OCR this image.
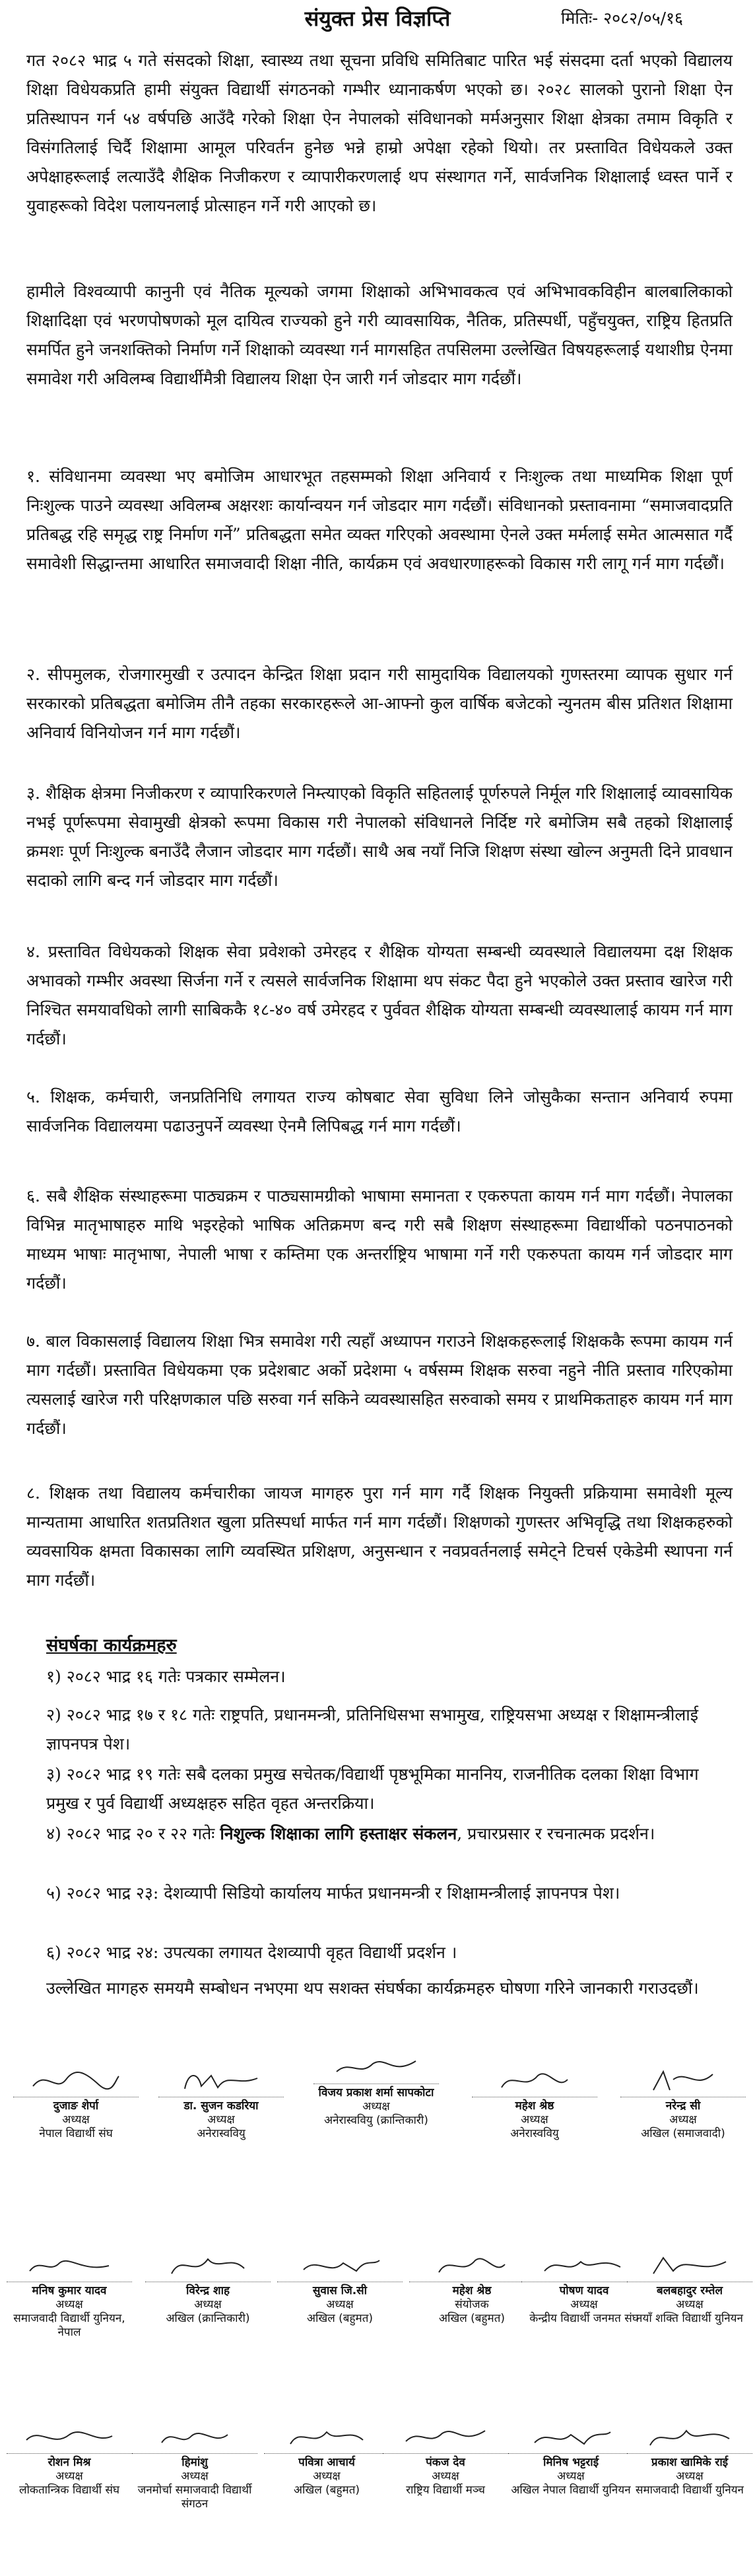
संयुक्त प्रेस विज्ञप्ति	मितिः- २०८२/०५/१६

गत २०८२ भाद्र ५ गते संसदको शिक्षा, स्वास्थ्य तथा सूचना प्रविधि समितिबाट पारित भई संसदमा दर्ता भएको विद्यालय शिक्षा विधेयकप्रति हामी संयुक्त विद्यार्थी संगठनको गम्भीर ध्यानाकर्षण भएको छ। २०२८ सालको पुरानो शिक्षा ऐन प्रतिस्थापन गर्न ५४ वर्षपछि आउँदै गरेको शिक्षा ऐन नेपालको संविधानको मर्मअनुसार शिक्षा क्षेत्रका तमाम विकृति र विसंगतिलाई चिर्दै शिक्षामा आमूल परिवर्तन हुनेछ भन्ने हाम्रो अपेक्षा रहेको थियो। तर प्रस्तावित विधेयकले उक्त अपेक्षाहरूलाई लत्याउँदै शैक्षिक निजीकरण र व्यापारीकरणलाई थप संस्थागत गर्ने, सार्वजनिक शिक्षालाई ध्वस्त पार्ने र युवाहरूको विदेश पलायनलाई प्रोत्साहन गर्ने गरी आएको छ।

हामीले विश्वव्यापी कानुनी एवं नैतिक मूल्यको जगमा शिक्षाको अभिभावकत्व एवं अभिभावकविहीन बालबालिकाको शिक्षादिक्षा एवं भरणपोषणको मूल दायित्व राज्यको हुने गरी व्यावसायिक, नैतिक, प्रतिस्पर्धी, पहुँचयुक्त, राष्ट्रिय हितप्रति समर्पित हुने जनशक्तिको निर्माण गर्ने शिक्षाको व्यवस्था गर्न मागसहित तपसिलमा उल्लेखित विषयहरूलाई यथाशीघ्र ऐनमा समावेश गरी अविलम्ब विद्यार्थीमैत्री विद्यालय शिक्षा ऐन जारी गर्न जोडदार माग गर्दछौं।

१. संविधानमा व्यवस्था भए बमोजिम आधारभूत तहसम्मको शिक्षा अनिवार्य र निःशुल्क तथा माध्यमिक शिक्षा पूर्ण निःशुल्क पाउने व्यवस्था अविलम्ब अक्षरशः कार्यान्वयन गर्न जोडदार माग गर्दछौं। संविधानको प्रस्तावनामा “समाजवादप्रति प्रतिबद्ध रहि समृद्ध राष्ट्र निर्माण गर्ने” प्रतिबद्धता समेत व्यक्त गरिएको अवस्थामा ऐनले उक्त मर्मलाई समेत आत्मसात गर्दै समावेशी सिद्धान्तमा आधारित समाजवादी शिक्षा नीति, कार्यक्रम एवं अवधारणाहरूको विकास गरी लागू गर्न माग गर्दछौं।

२. सीपमुलक, रोजगारमुखी र उत्पादन केन्द्रित शिक्षा प्रदान गरी सामुदायिक विद्यालयको गुणस्तरमा व्यापक सुधार गर्न सरकारको प्रतिबद्धता बमोजिम तीनै तहका सरकारहरूले आ-आफ्नो कुल वार्षिक बजेटको न्युनतम बीस प्रतिशत शिक्षामा अनिवार्य विनियोजन गर्न माग गर्दछौं।

३. शैक्षिक क्षेत्रमा निजीकरण र व्यापारिकरणले निम्त्याएको विकृति सहितलाई पूर्णरुपले निर्मूल गरि शिक्षालाई व्यावसायिक नभई पूर्णरूपमा सेवामुखी क्षेत्रको रूपमा विकास गरी नेपालको संविधानले निर्दिष्ट गरे बमोजिम सबै तहको शिक्षालाई क्रमशः पूर्ण निःशुल्क बनाउँदै लैजान जोडदार माग गर्दछौं। साथै अब नयाँ निजि शिक्षण संस्था खोल्न अनुमती दिने प्रावधान सदाको लागि बन्द गर्न जोडदार माग गर्दछौं।

४. प्रस्तावित विधेयकको शिक्षक सेवा प्रवेशको उमेरहद र शैक्षिक योग्यता सम्बन्धी व्यवस्थाले विद्यालयमा दक्ष शिक्षक अभावको गम्भीर अवस्था सिर्जना गर्ने र त्यसले सार्वजनिक शिक्षामा थप संकट पैदा हुने भएकोले उक्त प्रस्ताव खारेज गरी निश्चित समयावधिको लागी साबिककै १८-४० वर्ष उमेरहद र पुर्ववत शैक्षिक योग्यता सम्बन्धी व्यवस्थालाई कायम गर्न माग गर्दछौं।

५. शिक्षक, कर्मचारी, जनप्रतिनिधि लगायत राज्य कोषबाट सेवा सुविधा लिने जोसुकैका सन्तान अनिवार्य रुपमा सार्वजनिक विद्यालयमा पढाउनुपर्ने व्यवस्था ऐनमै लिपिबद्ध गर्न माग गर्दछौं।

६. सबै शैक्षिक संस्थाहरूमा पाठ्यक्रम र पाठ्यसामग्रीको भाषामा समानता र एकरुपता कायम गर्न माग गर्दछौं। नेपालका विभिन्न मातृभाषाहरु माथि भइरहेको भाषिक अतिक्रमण बन्द गरी सबै शिक्षण संस्थाहरूमा विद्यार्थीको पठनपाठनको माध्यम भाषाः मातृभाषा, नेपाली भाषा र कम्तिमा एक अन्तर्राष्ट्रिय भाषामा गर्ने गरी एकरुपता कायम गर्न जोडदार माग गर्दछौं।

७. बाल विकासलाई विद्यालय शिक्षा भित्र समावेश गरी त्यहाँ अध्यापन गराउने शिक्षकहरूलाई शिक्षककै रूपमा कायम गर्न माग गर्दछौं। प्रस्तावित विधेयकमा एक प्रदेशबाट अर्को प्रदेशमा ५ वर्षसम्म शिक्षक सरुवा नहुने नीति प्रस्ताव गरिएकोमा त्यसलाई खारेज गरी परिक्षणकाल पछि सरुवा गर्न सकिने व्यवस्थासहित सरुवाको समय र प्राथमिकताहरु कायम गर्न माग गर्दछौं।

८. शिक्षक तथा विद्यालय कर्मचारीका जायज मागहरु पुरा गर्न माग गर्दै शिक्षक नियुक्ती प्रक्रियामा समावेशी मूल्य मान्यतामा आधारित शतप्रतिशत खुला प्रतिस्पर्धा मार्फत गर्न माग गर्दछौं। शिक्षणको गुणस्तर अभिवृद्धि तथा शिक्षकहरुको व्यवसायिक क्षमता विकासका लागि व्यवस्थित प्रशिक्षण, अनुसन्धान र नवप्रवर्तनलाई समेट्ने टिचर्स एकेडेमी स्थापना गर्न माग गर्दछौं।

संघर्षका कार्यक्रमहरु

१) २०८२ भाद्र १६ गतेः पत्रकार सम्मेलन।

२) २०८२ भाद्र १७ र १८ गतेः राष्ट्रपति, प्रधानमन्त्री, प्रतिनिधिसभा सभामुख, राष्ट्रियसभा अध्यक्ष र शिक्षामन्त्रीलाई ज्ञापनपत्र पेश।

३) २०८२ भाद्र १९ गतेः सबै दलका प्रमुख सचेतक/विद्यार्थी पृष्ठभूमिका माननिय, राजनीतिक दलका शिक्षा विभाग प्रमुख र पुर्व विद्यार्थी अध्यक्षहरु सहित वृहत अन्तरक्रिया।

४) २०८२ भाद्र २० र २२ गतेः निशुल्क शिक्षाका लागि हस्ताक्षर संकलन, प्रचारप्रसार र रचनात्मक प्रदर्शन।

५) २०८२ भाद्र २३: देशव्यापी सिडियो कार्यालय मार्फत प्रधानमन्त्री र शिक्षामन्त्रीलाई ज्ञापनपत्र पेश।

६) २०८२ भाद्र २४: उपत्यका लगायत देशव्यापी वृहत विद्यार्थी प्रदर्शन ।

उल्लेखित मागहरु समयमै सम्बोधन नभएमा थप सशक्त संघर्षका कार्यक्रमहरु घोषणा गरिने जानकारी गराउदछौं।

दुजाङ शेर्पा
अध्यक्ष
नेपाल विद्यार्थी संघ
डा. सुजन कडरिया
अध्यक्ष
अनेरास्ववियु
विजय प्रकाश शर्मा सापकोटा
अध्यक्ष
अनेरास्ववियु (क्रान्तिकारी)
महेश श्रेष्ठ
अध्यक्ष
अनेरास्ववियु
नरेन्द्र सी
अध्यक्ष
अखिल (समाजवादी)
मनिष कुमार यादव
अध्यक्ष
समाजवादी विद्यार्थी युनियन, नेपाल
विरेन्द्र शाह
अध्यक्ष
अखिल (क्रान्तिकारी)
सुवास जि.सी
अध्यक्ष
अखिल (बहुमत)
महेश श्रेष्ठ
संयोजक
अखिल (बहुमत)
पोषण यादव
अध्यक्ष
केन्द्रीय विद्यार्थी जनमत संघ
बलबहादुर रम्तेल
अध्यक्ष
नयाँ शक्ति विद्यार्थी युनियन
रोशन मिश्र
अध्यक्ष
लोकतान्त्रिक विद्यार्थी संघ
हिमांशु
अध्यक्ष
जनमोर्चा समाजवादी विद्यार्थी संगठन
पवित्रा आचार्य
अध्यक्ष
अखिल (बहुमत)
पंकज देव
अध्यक्ष
राष्ट्रिय विद्यार्थी मञ्च
मिनिष भट्टराई
अध्यक्ष
अखिल नेपाल विद्यार्थी युनियन
प्रकाश खामिके राई
अध्यक्ष
समाजवादी विद्यार्थी युनियन
